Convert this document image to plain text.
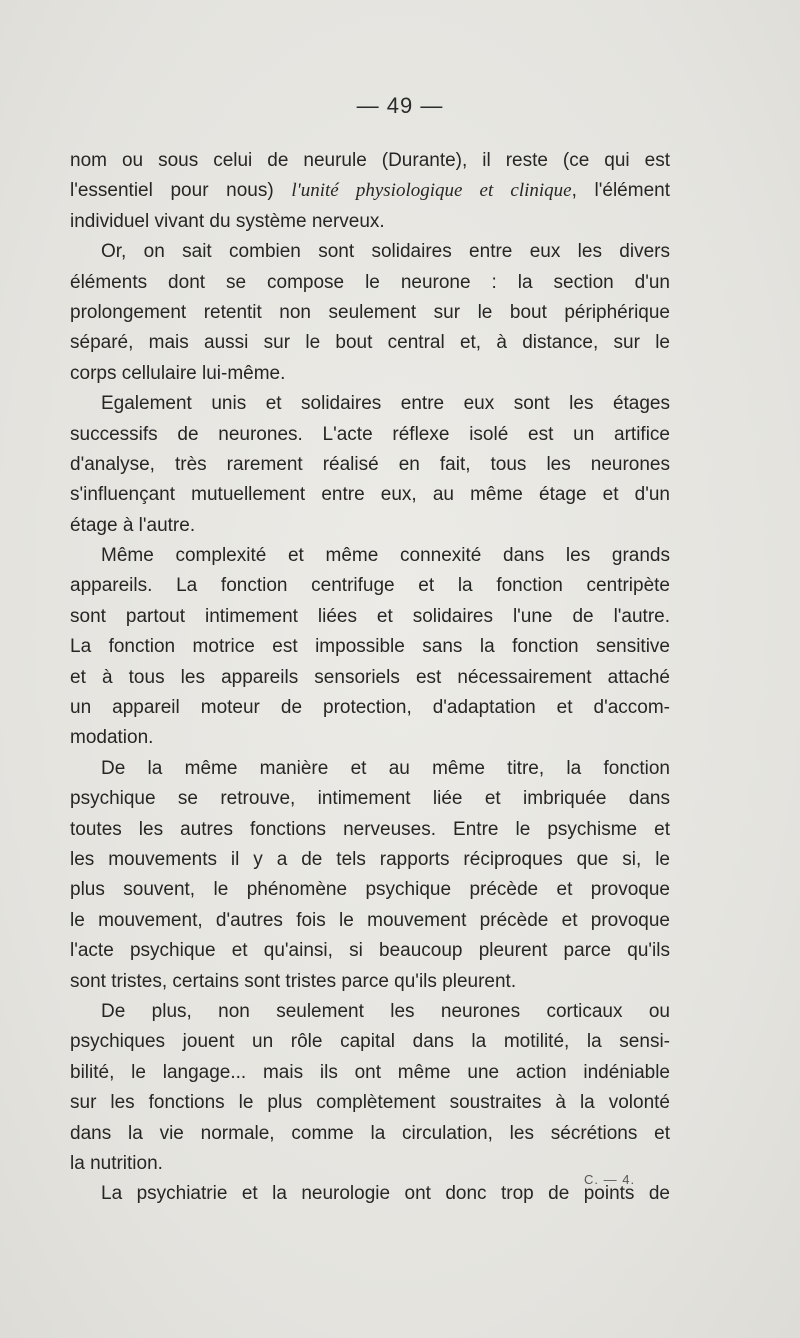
— 49 —
nom ou sous celui de neurule (Durante), il reste (ce qui est
l'essentiel pour nous) l'unité physiologique et clinique, l'élément
individuel vivant du système nerveux.
Or, on sait combien sont solidaires entre eux les divers
éléments dont se compose le neurone : la section d'un
prolongement retentit non seulement sur le bout périphérique
séparé, mais aussi sur le bout central et, à distance, sur le
corps cellulaire lui-même.
Egalement unis et solidaires entre eux sont les étages
successifs de neurones. L'acte réflexe isolé est un artifice
d'analyse, très rarement réalisé en fait, tous les neurones
s'influençant mutuellement entre eux, au même étage et d'un
étage à l'autre.
Même complexité et même connexité dans les grands
appareils. La fonction centrifuge et la fonction centripète
sont partout intimement liées et solidaires l'une de l'autre.
La fonction motrice est impossible sans la fonction sensitive
et à tous les appareils sensoriels est nécessairement attaché
un appareil moteur de protection, d'adaptation et d'accom-
modation.
De la même manière et au même titre, la fonction
psychique se retrouve, intimement liée et imbriquée dans
toutes les autres fonctions nerveuses. Entre le psychisme et
les mouvements il y a de tels rapports réciproques que si, le
plus souvent, le phénomène psychique précède et provoque
le mouvement, d'autres fois le mouvement précède et provoque
l'acte psychique et qu'ainsi, si beaucoup pleurent parce qu'ils
sont tristes, certains sont tristes parce qu'ils pleurent.
De plus, non seulement les neurones corticaux ou
psychiques jouent un rôle capital dans la motilité, la sensi-
bilité, le langage... mais ils ont même une action indéniable
sur les fonctions le plus complètement soustraites à la volonté
dans la vie normale, comme la circulation, les sécrétions et
la nutrition.
La psychiatrie et la neurologie ont donc trop de points de
C. — 4.
